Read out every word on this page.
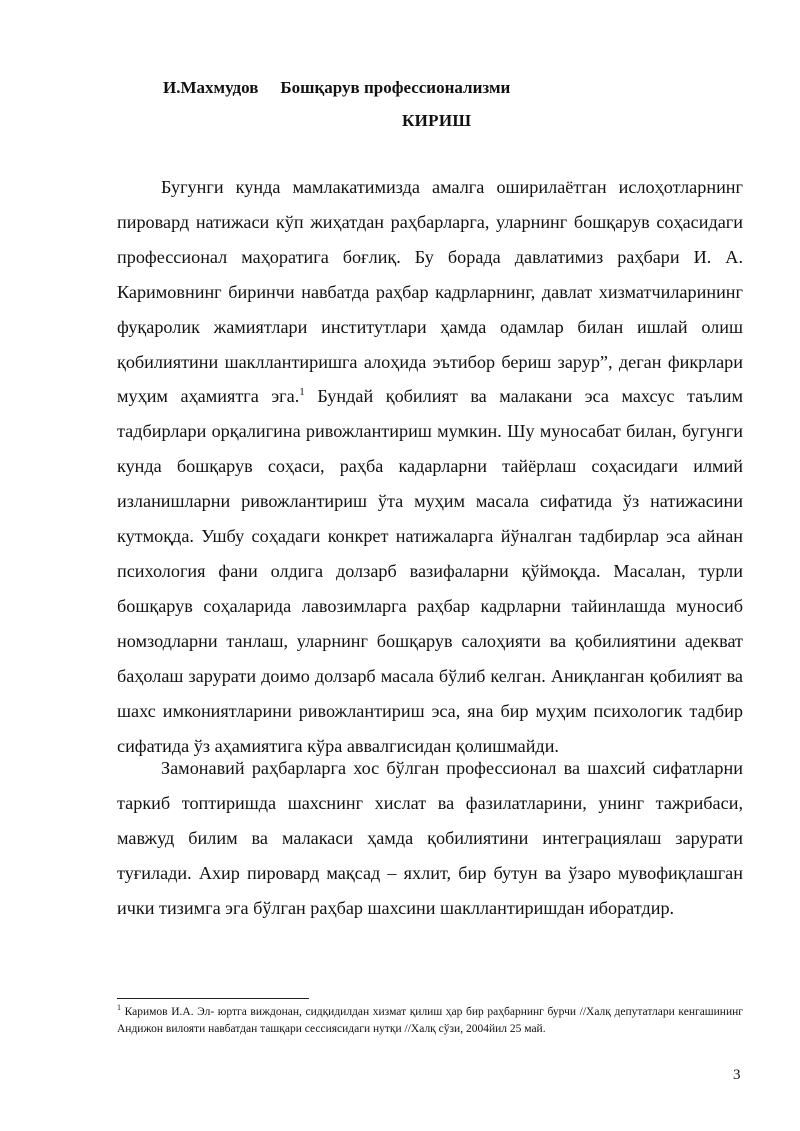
И.Махмудов Бошқарув профессионализми
КИРИШ

Бугунги кунда мамлакатимизда амалга оширилаётган ислоҳотларнинг пировард натижаси кўп жиҳатдан раҳбарларга, уларнинг бошқарув соҳасидаги профессионал маҳоратига боғлиқ. Бу борада давлатимиз раҳбари И. А. Каримовнинг биринчи навбатда раҳбар кадрларнинг, давлат хизматчиларининг фуқаролик жамиятлари институтлари ҳамда одамлар билан ишлай олиш қобилиятини шакллантиришга алоҳида эътибор бериш зарур”, деган фикрлари муҳим аҳамиятга эга.$^1$ Бундай қобилият ва малакани эса махсус таълим тадбирлари орқалигина ривожлантириш мумкин. Шу муносабат билан, бугунги кунда бошқарув соҳаси, раҳба кадарларни тайёрлаш соҳасидаги илмий изланишларни ривожлантириш ўта муҳим масала сифатида ўз натижасини кутмоқда. Ушбу соҳадаги конкрет натижаларга йўналган тадбирлар эса айнан психология фани олдига долзарб вазифаларни қўймоқда. Масалан, турли бошқарув соҳаларида лавозимларга раҳбар кадрларни тайинлашда муносиб номзодларни танлаш, уларнинг бошқарув салоҳияти ва қобилиятини адекват баҳолаш зарурати доимо долзарб масала бўлиб келган. Аниқланган қобилият ва шахс имкониятларини ривожлантириш эса, яна бир муҳим психологик тадбир сифатида ўз аҳамиятига кўра аввалгисидан қолишмайди.

Замонавий раҳбарларга хос бўлган профессионал ва шахсий сифатларни таркиб топтиришда шахснинг хислат ва фазилатларини, унинг тажрибаси, мавжуд билим ва малакаси ҳамда қобилиятини интеграциялаш зарурати туғилади. Ахир пировард мақсад – яхлит, бир бутун ва ўзаро мувофиқлашган ички тизимга эга бўлган раҳбар шахсини шакллантиришдан иборатдир.

$^1$ Каримов И.А. Эл- юртга виждонан, сидқидилдан хизмат қилиш ҳар бир раҳбарнинг бурчи //Халқ депутатлари кенгашининг Андижон вилояти навбатдан ташқари сессиясидаги нутқи //Халқ сўзи, 2004йил 25 май.
3
